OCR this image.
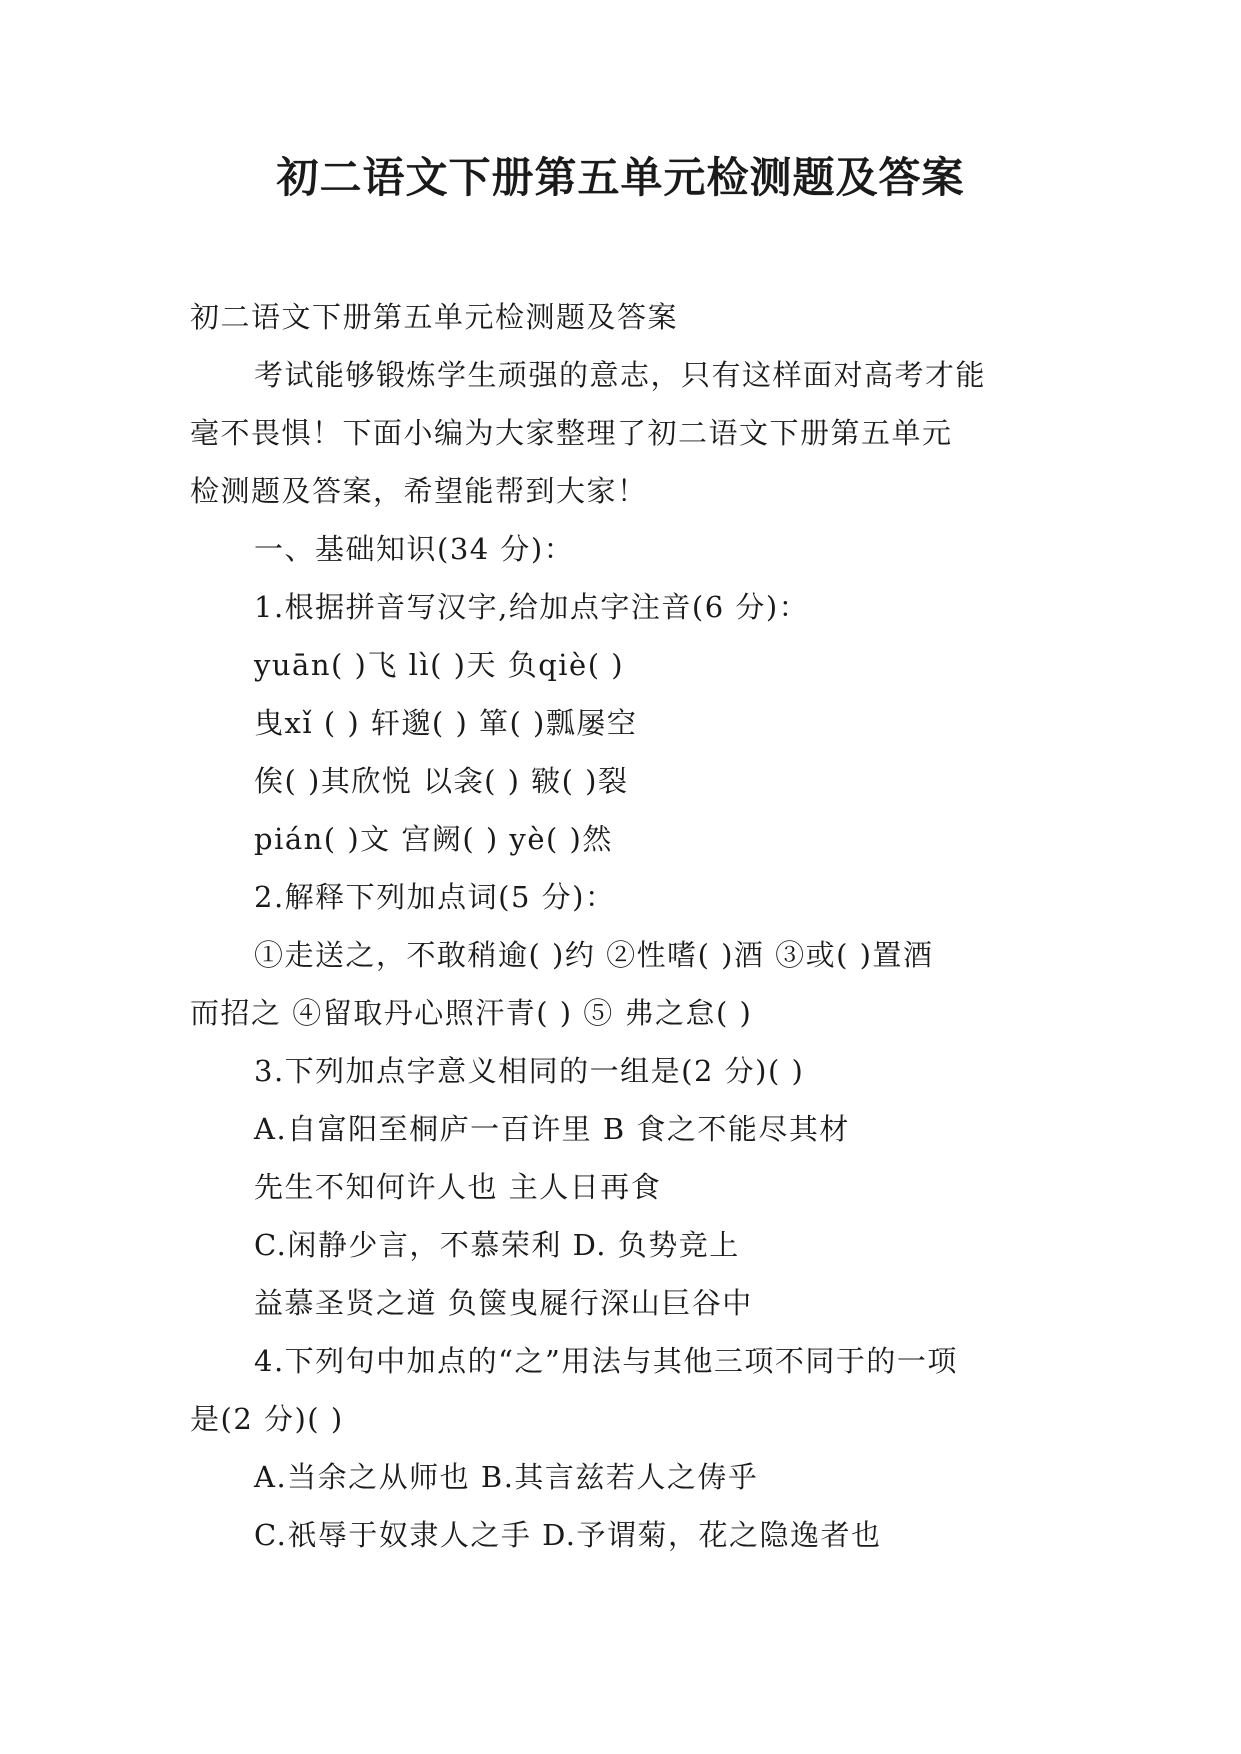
初二语文下册第五单元检测题及答案
初二语文下册第五单元检测题及答案
考试能够锻炼学生顽强的意志，只有这样面对高考才能
毫不畏惧！下面小编为大家整理了初二语文下册第五单元
检测题及答案，希望能帮到大家！
一、基础知识(34 分)：
1.根据拼音写汉字,给加点字注音(6 分)：
yuān( )飞 lì( )天 负qiè( )
曳xǐ ( ) 轩邈( ) 箪( )瓢屡空
俟( )其欣悦 以衾( ) 皲( )裂
pián( )文 宫阙( ) yè( )然
2.解释下列加点词(5 分)：
①走送之，不敢稍逾( )约 ②性嗜( )酒 ③或( )置酒
而招之 ④留取丹心照汗青( ) ⑤ 弗之怠( )
3.下列加点字意义相同的一组是(2 分)( )
A.自富阳至桐庐一百许里 B 食之不能尽其材
先生不知何许人也 主人日再食
C.闲静少言，不慕荣利 D. 负势竞上
益慕圣贤之道 负箧曳屣行深山巨谷中
4.下列句中加点的“之”用法与其他三项不同于的一项
是(2 分)( )
A.当余之从师也 B.其言兹若人之俦乎
C.祇辱于奴隶人之手 D.予谓菊，花之隐逸者也
